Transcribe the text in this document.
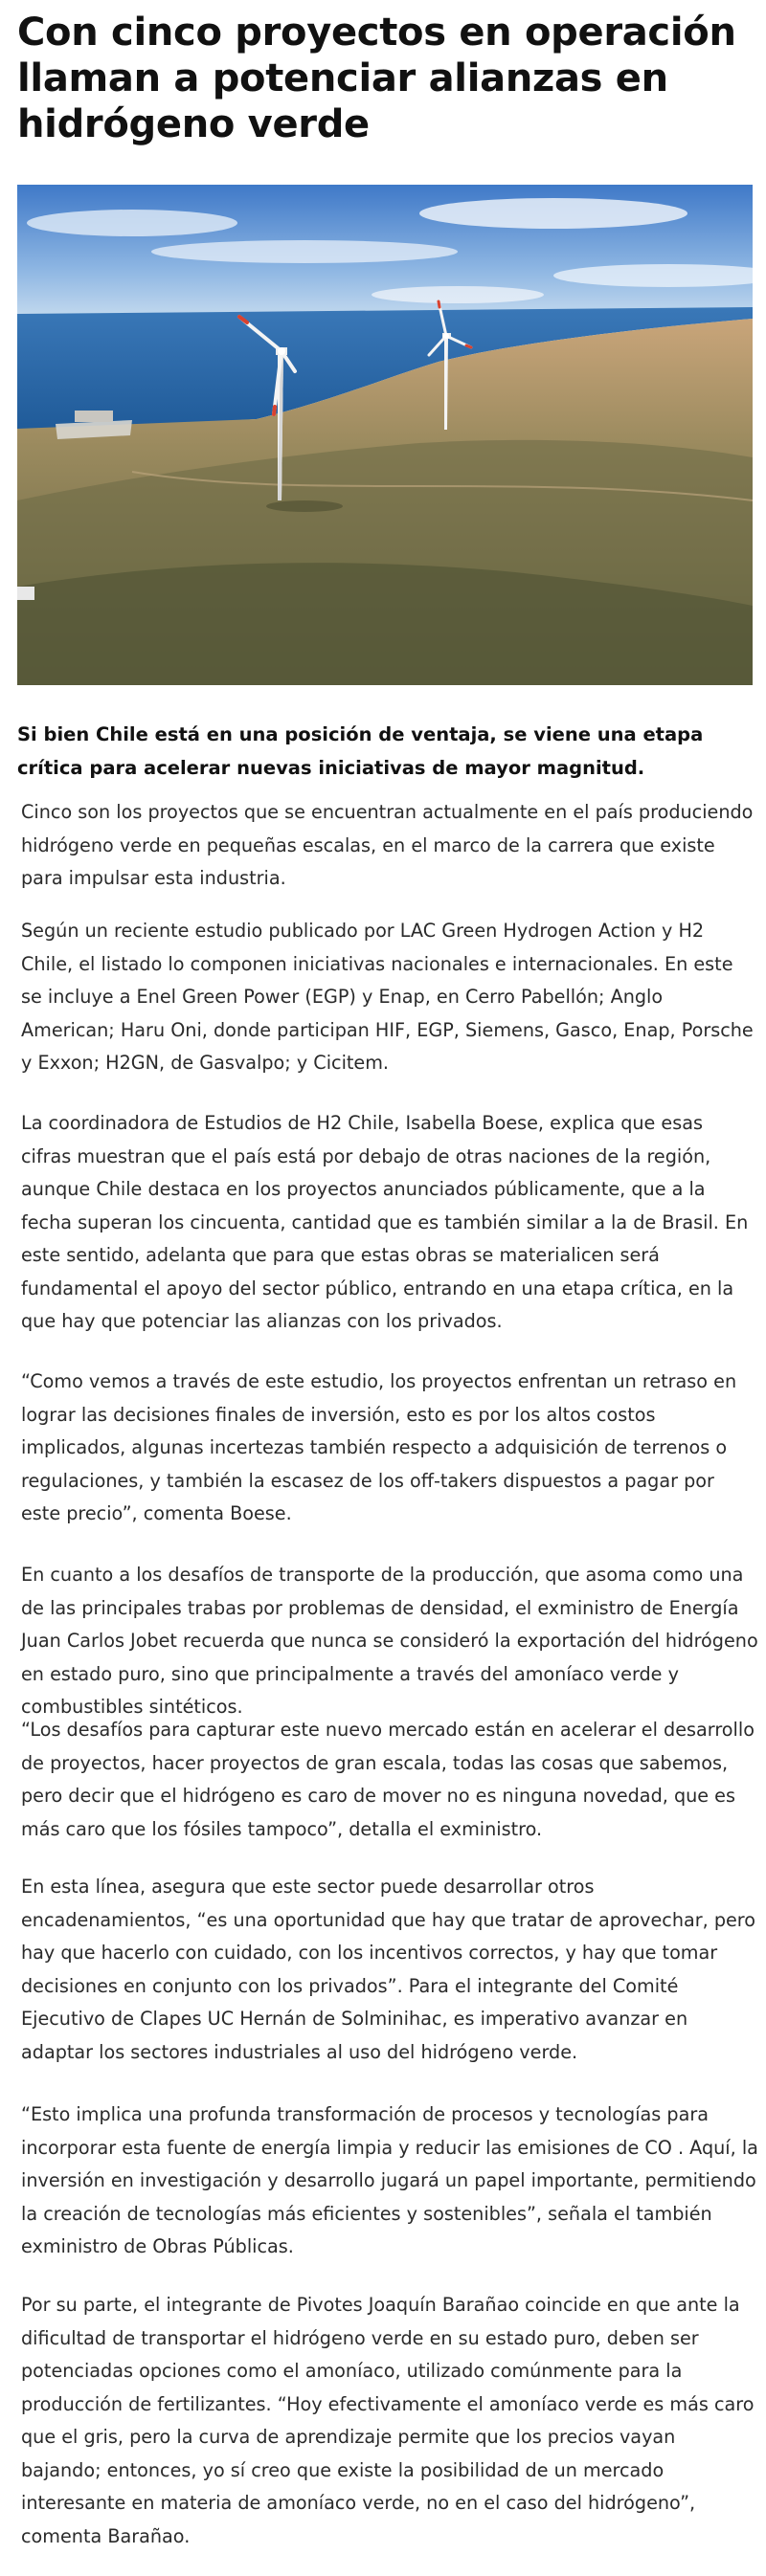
Con cinco proyectos en operación llaman a potenciar alianzas en hidrógeno verde

Si bien Chile está en una posición de ventaja, se viene una etapa crítica para acelerar nuevas iniciativas de mayor magnitud.

Cinco son los proyectos que se encuentran actualmente en el país produciendo hidrógeno verde en pequeñas escalas, en el marco de la carrera que existe para impulsar esta industria.

Según un reciente estudio publicado por LAC Green Hydrogen Action y H2 Chile, el listado lo componen iniciativas nacionales e internacionales. En este se incluye a Enel Green Power (EGP) y Enap, en Cerro Pabellón; Anglo American; Haru Oni, donde participan HIF, EGP, Siemens, Gasco, Enap, Porsche y Exxon; H2GN, de Gasvalpo; y Cicitem.

La coordinadora de Estudios de H2 Chile, Isabella Boese, explica que esas cifras muestran que el país está por debajo de otras naciones de la región, aunque Chile destaca en los proyectos anunciados públicamente, que a la fecha superan los cincuenta, cantidad que es también similar a la de Brasil. En este sentido, adelanta que para que estas obras se materialicen será fundamental el apoyo del sector público, entrando en una etapa crítica, en la que hay que potenciar las alianzas con los privados.

“Como vemos a través de este estudio, los proyectos enfrentan un retraso en lograr las decisiones finales de inversión, esto es por los altos costos implicados, algunas incertezas también respecto a adquisición de terrenos o regulaciones, y también la escasez de los off-takers dispuestos a pagar por este precio”, comenta Boese.

En cuanto a los desafíos de transporte de la producción, que asoma como una de las principales trabas por problemas de densidad, el exministro de Energía Juan Carlos Jobet recuerda que nunca se consideró la exportación del hidrógeno en estado puro, sino que principalmente a través del amoníaco verde y combustibles sintéticos.

“Los desafíos para capturar este nuevo mercado están en acelerar el desarrollo de proyectos, hacer proyectos de gran escala, todas las cosas que sabemos, pero decir que el hidrógeno es caro de mover no es ninguna novedad, que es más caro que los fósiles tampoco”, detalla el exministro.

En esta línea, asegura que este sector puede desarrollar otros encadenamientos, “es una oportunidad que hay que tratar de aprovechar, pero hay que hacerlo con cuidado, con los incentivos correctos, y hay que tomar decisiones en conjunto con los privados”. Para el integrante del Comité Ejecutivo de Clapes UC Hernán de Solminihac, es imperativo avanzar en adaptar los sectores industriales al uso del hidrógeno verde.

“Esto implica una profunda transformación de procesos y tecnologías para incorporar esta fuente de energía limpia y reducir las emisiones de CO . Aquí, la inversión en investigación y desarrollo jugará un papel importante, permitiendo la creación de tecnologías más eficientes y sostenibles”, señala el también exministro de Obras Públicas.

Por su parte, el integrante de Pivotes Joaquín Barañao coincide en que ante la dificultad de transportar el hidrógeno verde en su estado puro, deben ser potenciadas opciones como el amoníaco, utilizado comúnmente para la producción de fertilizantes. “Hoy efectivamente el amoníaco verde es más caro que el gris, pero la curva de aprendizaje permite que los precios vayan bajando; entonces, yo sí creo que existe la posibilidad de un mercado interesante en materia de amoníaco verde, no en el caso del hidrógeno”, comenta Barañao.
